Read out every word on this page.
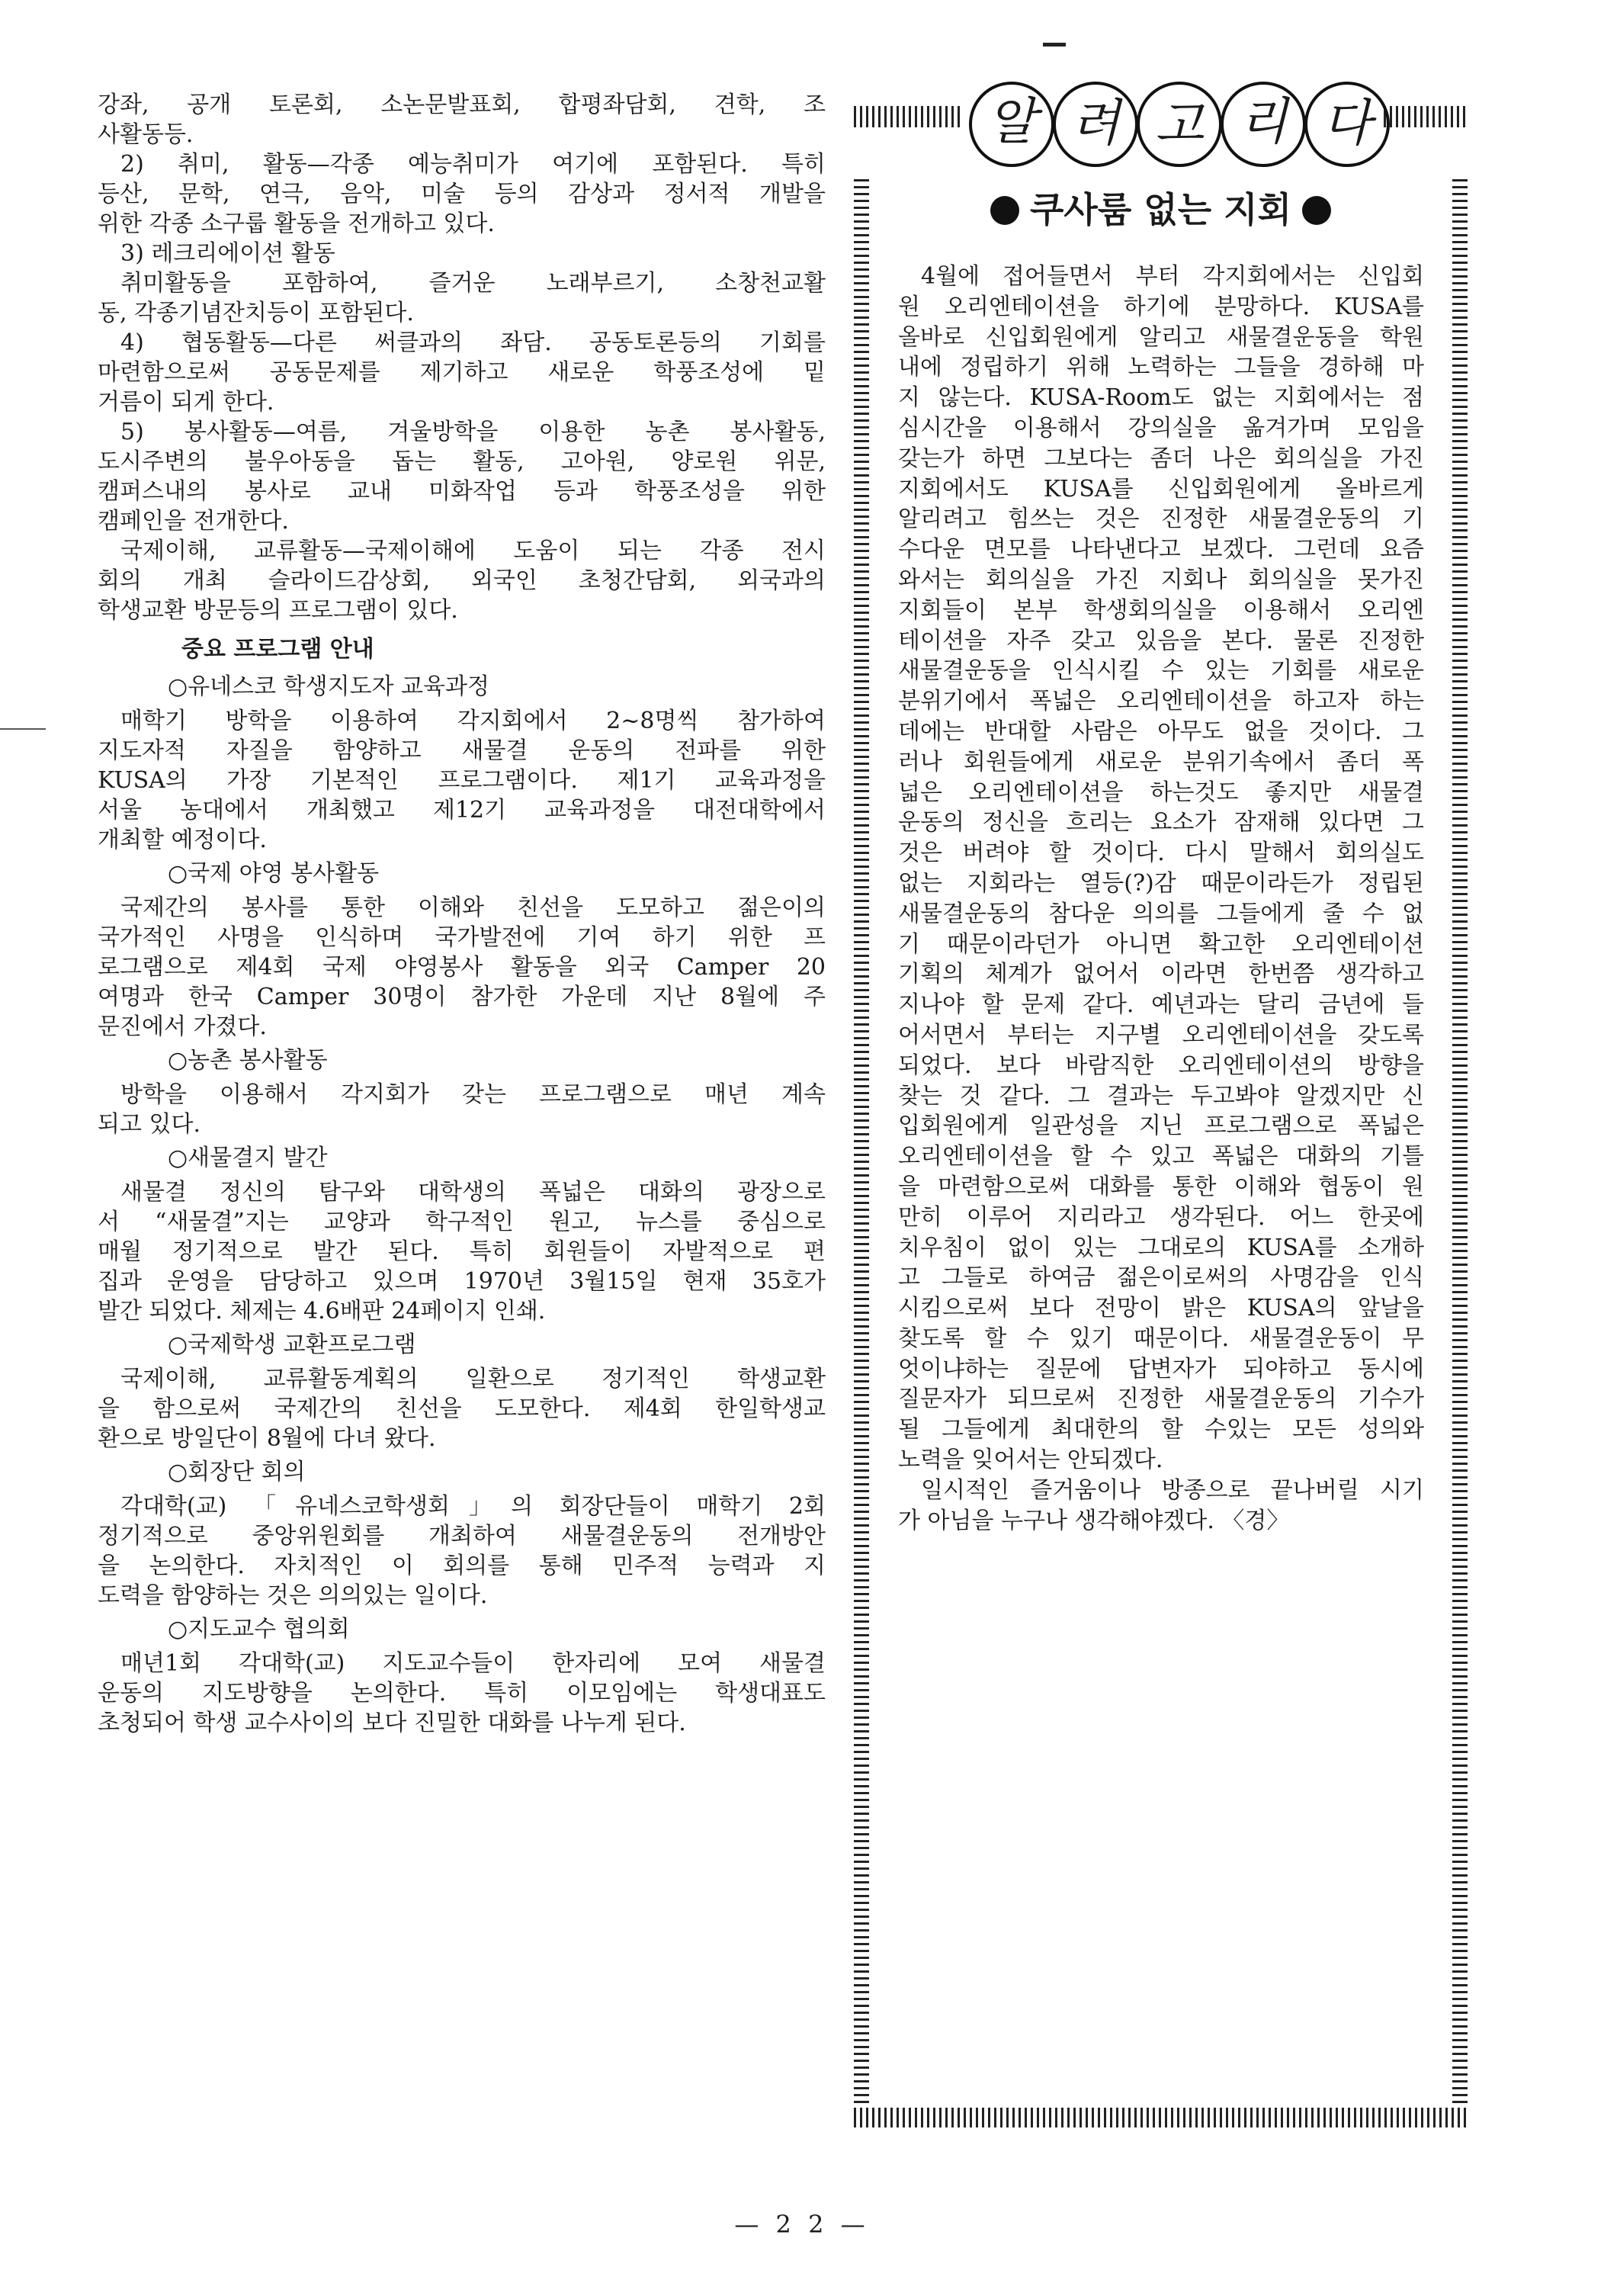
강좌, 공개 토론회, 소논문발표회, 합평좌담회, 견학, 조
사활동등.
2) 취미, 활동—각종 예능취미가 여기에 포함된다. 특히
등산, 문학, 연극, 음악, 미술 등의 감상과 정서적 개발을
위한 각종 소구룹 활동을 전개하고 있다.
3) 레크리에이션 활동
취미활동을 포함하여, 즐거운 노래부르기, 소창천교활
동, 각종기념잔치등이 포함된다.
4) 협동활동—다른 써클과의 좌담. 공동토론등의 기회를
마련함으로써 공동문제를 제기하고 새로운 학풍조성에 밑
거름이 되게 한다.
5) 봉사활동—여름, 겨울방학을 이용한 농촌 봉사활동,
도시주변의 불우아동을 돕는 활동, 고아원, 양로원 위문,
캠퍼스내의 봉사로 교내 미화작업 등과 학풍조성을 위한
캠페인을 전개한다.
국제이해, 교류활동—국제이해에 도움이 되는 각종 전시
회의 개최 슬라이드감상회, 외국인 초청간담회, 외국과의
학생교환 방문등의 프로그램이 있다.
중요 프로그램 안내
○유네스코 학생지도자 교육과정
매학기 방학을 이용하여 각지회에서 2~8명씩 참가하여
지도자적 자질을 함양하고 새물결 운동의 전파를 위한
KUSA의 가장 기본적인 프로그램이다. 제1기 교육과정을
서울 농대에서 개최했고 제12기 교육과정을 대전대학에서
개최할 예정이다.
○국제 야영 봉사활동
국제간의 봉사를 통한 이해와 친선을 도모하고 젊은이의
국가적인 사명을 인식하며 국가발전에 기여 하기 위한 프
로그램으로 제4회 국제 야영봉사 활동을 외국 Camper 20
여명과 한국 Camper 30명이 참가한 가운데 지난 8월에 주
문진에서 가졌다.
○농촌 봉사활동
방학을 이용해서 각지회가 갖는 프로그램으로 매년 계속
되고 있다.
○새물결지 발간
새물결 정신의 탐구와 대학생의 폭넓은 대화의 광장으로
서 “새물결”지는 교양과 학구적인 원고, 뉴스를 중심으로
매월 정기적으로 발간 된다. 특히 회원들이 자발적으로 편
집과 운영을 담당하고 있으며 1970년 3월15일 현재 35호가
발간 되었다. 체제는 4.6배판 24페이지 인쇄.
○국제학생 교환프로그램
국제이해, 교류활동계획의 일환으로 정기적인 학생교환
을 함으로써 국제간의 친선을 도모한다. 제4회 한일학생교
환으로 방일단이 8월에 다녀 왔다.
○회장단 회의
각대학(교) 「유네스코학생회」의 회장단들이 매학기 2회
정기적으로 중앙위원회를 개최하여 새물결운동의 전개방안
을 논의한다. 자치적인 이 회의를 통해 민주적 능력과 지
도력을 함양하는 것은 의의있는 일이다.
○지도교수 협의회
매년1회 각대학(교) 지도교수들이 한자리에 모여 새물결
운동의 지도방향을 논의한다. 특히 이모임에는 학생대표도
초청되어 학생 교수사이의 보다 진밀한 대화를 나누게 된다.
알 려 고 리 다
쿠사룸 없는 지회
4월에 접어들면서 부터 각지회에서는 신입회
원 오리엔테이션을 하기에 분망하다. KUSA를
올바로 신입회원에게 알리고 새물결운동을 학원
내에 정립하기 위해 노력하는 그들을 경하해 마
지 않는다. KUSA-Room도 없는 지회에서는 점
심시간을 이용해서 강의실을 옮겨가며 모임을
갖는가 하면 그보다는 좀더 나은 회의실을 가진
지회에서도 KUSA를 신입회원에게 올바르게
알리려고 힘쓰는 것은 진정한 새물결운동의 기
수다운 면모를 나타낸다고 보겠다. 그런데 요즘
와서는 회의실을 가진 지회나 회의실을 못가진
지회들이 본부 학생회의실을 이용해서 오리엔
테이션을 자주 갖고 있음을 본다. 물론 진정한
새물결운동을 인식시킬 수 있는 기회를 새로운
분위기에서 폭넓은 오리엔테이션을 하고자 하는
데에는 반대할 사람은 아무도 없을 것이다. 그
러나 회원들에게 새로운 분위기속에서 좀더 폭
넓은 오리엔테이션을 하는것도 좋지만 새물결
운동의 정신을 흐리는 요소가 잠재해 있다면 그
것은 버려야 할 것이다. 다시 말해서 회의실도
없는 지회라는 열등(?)감 때문이라든가 정립된
새물결운동의 참다운 의의를 그들에게 줄 수 없
기 때문이라던가 아니면 확고한 오리엔테이션
기획의 체계가 없어서 이라면 한번쯤 생각하고
지나야 할 문제 같다. 예년과는 달리 금년에 들
어서면서 부터는 지구별 오리엔테이션을 갖도록
되었다. 보다 바람직한 오리엔테이션의 방향을
찾는 것 같다. 그 결과는 두고봐야 알겠지만 신
입회원에게 일관성을 지닌 프로그램으로 폭넓은
오리엔테이션을 할 수 있고 폭넓은 대화의 기틀
을 마련함으로써 대화를 통한 이해와 협동이 원
만히 이루어 지리라고 생각된다. 어느 한곳에
치우침이 없이 있는 그대로의 KUSA를 소개하
고 그들로 하여금 젊은이로써의 사명감을 인식
시킴으로써 보다 전망이 밝은 KUSA의 앞날을
찾도록 할 수 있기 때문이다. 새물결운동이 무
엇이냐하는 질문에 답변자가 되야하고 동시에
질문자가 되므로써 진정한 새물결운동의 기수가
될 그들에게 최대한의 할 수있는 모든 성의와
노력을 잊어서는 안되겠다.
일시적인 즐거움이나 방종으로 끝나버릴 시기
가 아님을 누구나 생각해야겠다. 〈경〉
— 2 2 —
